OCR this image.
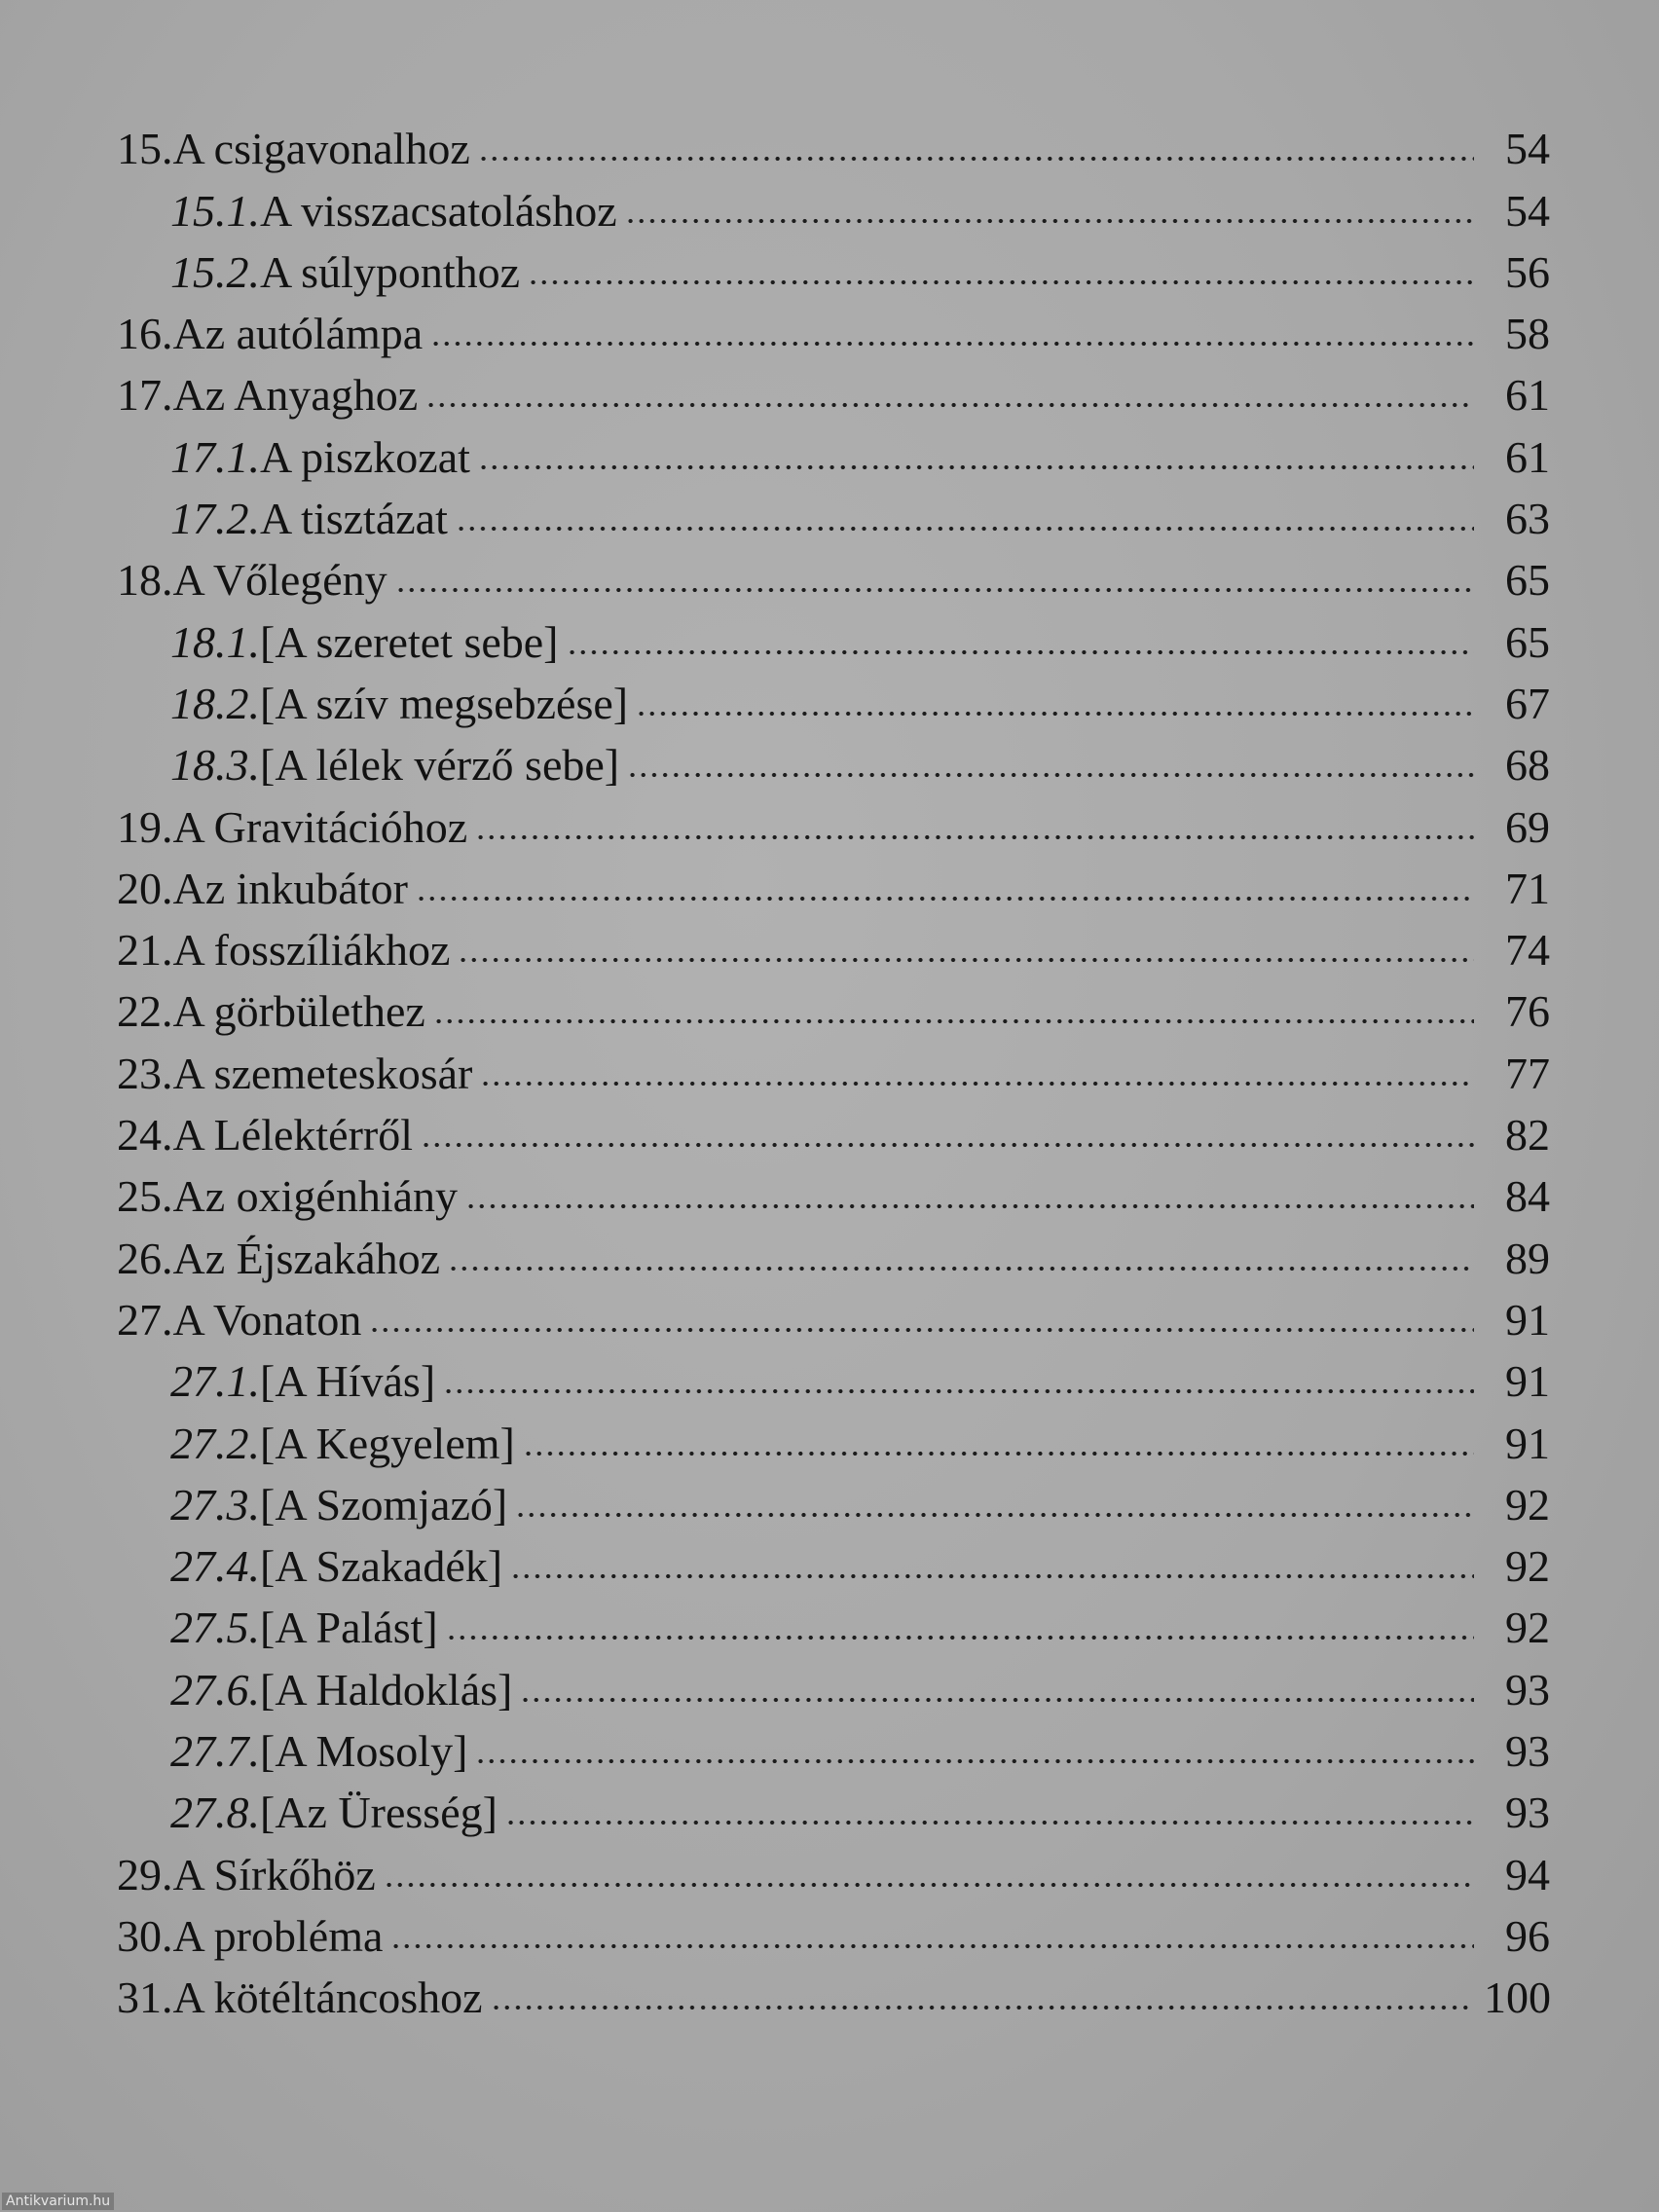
15. A csigavonalhoz	54
15.1. A visszacsatoláshoz	54
15.2. A súlyponthoz	56
16. Az autólámpa	58
17. Az Anyaghoz	61
17.1. A piszkozat	61
17.2. A tisztázat	63
18. A Vőlegény	65
18.1. [A szeretet sebe]	65
18.2. [A szív megsebzése]	67
18.3. [A lélek vérző sebe]	68
19. A Gravitációhoz	69
20. Az inkubátor	71
21. A fosszíliákhoz	74
22. A görbülethez	76
23. A szemeteskosár	77
24. A Lélektérről	82
25. Az oxigénhiány	84
26. Az Éjszakához	89
27. A Vonaton	91
27.1. [A Hívás]	91
27.2. [A Kegyelem]	91
27.3. [A Szomjazó]	92
27.4. [A Szakadék]	92
27.5. [A Palást]	92
27.6. [A Haldoklás]	93
27.7. [A Mosoly]	93
27.8. [Az Üresség]	93
29. A Sírkőhöz	94
30. A probléma	96
31. A kötéltáncoshoz	100
Antikvarium.hu
